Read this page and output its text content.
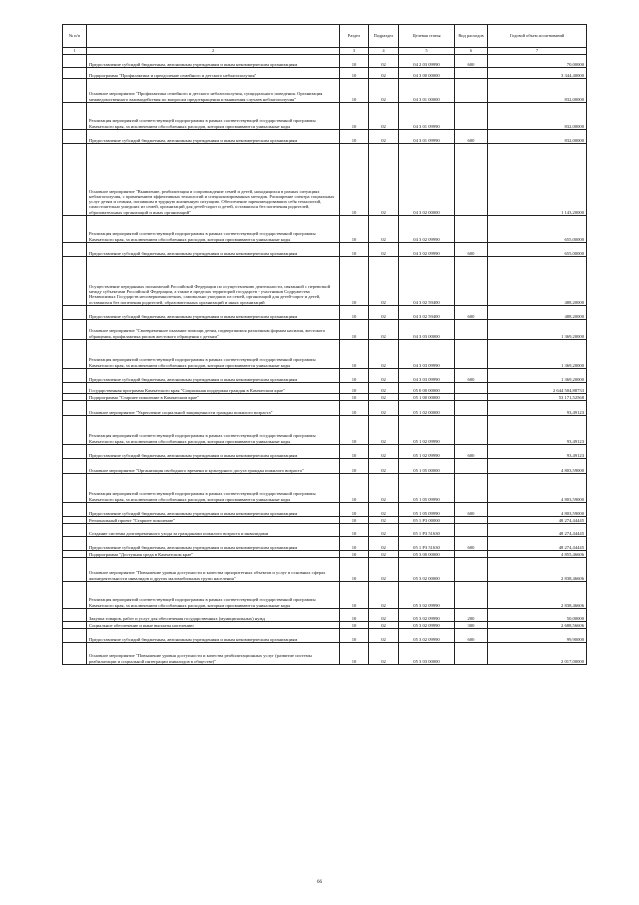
№ п/п		Раздел	Подраздел	Целевая статья	Вид расходов	Годовой объем ассигнований
1	2	3	4	5	6	7
	Предоставление субсидий бюджетным, автономным учреждениям и иным некоммерческим организациям	10	02	04 2 03 09990	600	70,00000
	Подпрограмма "Профилактика и преодоление семейного и детского неблагополучия"	10	02	04 3 00 00000		3 344,40000
	Основное мероприятие "Профилактика семейного и детского неблагополучия, суицидального поведения. Организация межведомственного взаимодействия по вопросам предотвращения и выявления случаев неблагополучия"	10	02	04 3 01 00000		832,00000
	Реализация мероприятий соответствующей подпрограммы в рамках соответствующей государственной программы Камчатского края, за исключением обособленных расходов, которым присваиваются уникальные коды	10	02	04 3 01 09990		832,00000
	Предоставление субсидий бюджетным, автономным учреждениям и иным некоммерческим организациям	10	02	04 3 01 09990	600	832,00000
	Основное мероприятие "Выявление, реабилитация и сопровождение семей и детей, находящихся в разных ситуациях неблагополучия, с применением эффективных технологий и специализированных методик. Расширение спектра социальных услуг детям и семьям, попавшим в трудную жизненную ситуацию. Обеспечение зарекомендовавших себя технологий, самостоятельно ушедших из семей, организаций для детей-сирот и детей, оставшихся без попечения родителей, образовательных организаций и иных организаций"	10	02	04 3 02 00000		1 143,20000
	Реализация мероприятий соответствующей подпрограммы в рамках соответствующей государственной программы Камчатского края, за исключением обособленных расходов, которым присваиваются уникальные коды	10	02	04 3 02 09990		655,00000
	Предоставление субсидий бюджетным, автономным учреждениям и иным некоммерческим организациям	10	02	04 3 02 09990	600	655,00000
	Осуществление переданных полномочий Российской Федерации по осуществлению деятельности, связанной с перевозкой между субъектами Российской Федерации, а также в пределах территорий государств - участников Содружества Независимых Государств несовершеннолетних, самовольно ушедших из семей, организаций для детей-сирот и детей, оставшихся без попечения родителей, образовательных организаций и иных организаций	10	02	04 3 02 59400		488,20000
	Предоставление субсидий бюджетным, автономным учреждениям и иным некоммерческим организациям	10	02	04 3 02 59400	600	488,20000
	Основное мероприятие "Своевременное оказание помощи детям, подвергшимся различным формам насилия, жестокого обращения, профилактика рисков жестокого обращения с детьми"	10	02	04 3 03 00000		1 369,20000
	Реализация мероприятий соответствующей подпрограммы в рамках соответствующей государственной программы Камчатского края, за исключением обособленных расходов, которым присваиваются уникальные коды	10	02	04 3 03 09990		1 369,20000
	Предоставление субсидий бюджетным, автономным учреждениям и иным некоммерческим организациям	10	02	04 3 03 09990	600	1 369,20000
	Государственная программа Камчатского края "Социальная поддержка граждан в Камчатском крае"	10	02	05 0 00 00000		2 644 504,88733
	Подпрограмма "Старшее поколение в Камчатском крае"	10	02	05 1 00 00000		53 171,52568
	Основное мероприятие "Укрепление социальной защищенности граждан пожилого возраста"	10	02	05 1 02 00000		93,49123
	Реализация мероприятий соответствующей подпрограммы в рамках соответствующей государственной программы Камчатского края, за исключением обособленных расходов, которым присваиваются уникальные коды	10	02	05 1 02 09990		93,49123
	Предоставление субсидий бюджетным, автономным учреждениям и иным некоммерческим организациям	10	02	05 1 02 09990	600	93,49123
	Основное мероприятие "Организация свободного времени и культурного досуга граждан пожилого возраста"	10	02	05 1 05 00000		4 803,59000
	Реализация мероприятий соответствующей подпрограммы в рамках соответствующей государственной программы Камчатского края, за исключением обособленных расходов, которым присваиваются уникальные коды	10	02	05 1 05 09990		4 803,59000
	Предоставление субсидий бюджетным, автономным учреждениям и иным некоммерческим организациям	10	02	05 1 05 09990	600	4 803,59000
	Региональный проект "Старшее поколение"	10	02	05 1 P3 00000		48 274,44445
	Создание системы долговременного ухода за гражданами пожилого возраста и инвалидами	10	02	05 1 P3 51630		48 274,44445
	Предоставление субсидий бюджетным, автономным учреждениям и иным некоммерческим организациям	10	02	05 1 P3 51630	600	48 274,44445
	Подпрограмма "Доступная среда в Камчатском крае"	10	02	05 3 00 00000		4 855,46606
	Основное мероприятие "Повышение уровня доступности и качества приоритетных объектов и услуг в основных сферах жизнедеятельности инвалидов и других маломобильных групп населения"	10	02	05 3 02 00000		2 838,46606
	Реализация мероприятий соответствующей подпрограммы в рамках соответствующей государственной программы Камчатского края, за исключением обособленных расходов, которым присваиваются уникальные коды	10	02	05 3 02 09990		2 838,46606
	Закупка товаров, работ и услуг для обеспечения государственных (муниципальных) нужд	10	02	05 3 02 09990	200	50,00000
	Социальное обеспечение и иные выплаты населению	10	02	05 3 02 09990	300	2 688,56606
	Предоставление субсидий бюджетным, автономным учреждениям и иным некоммерческим организациям	10	02	05 3 02 09990	600	99,90000
	Основное мероприятие "Повышение уровня доступности и качества реабилитационных услуг (развитие системы реабилитации и социальной интеграции инвалидов в обществе)"	10	02	05 3 03 00000		2 017,00000
66
